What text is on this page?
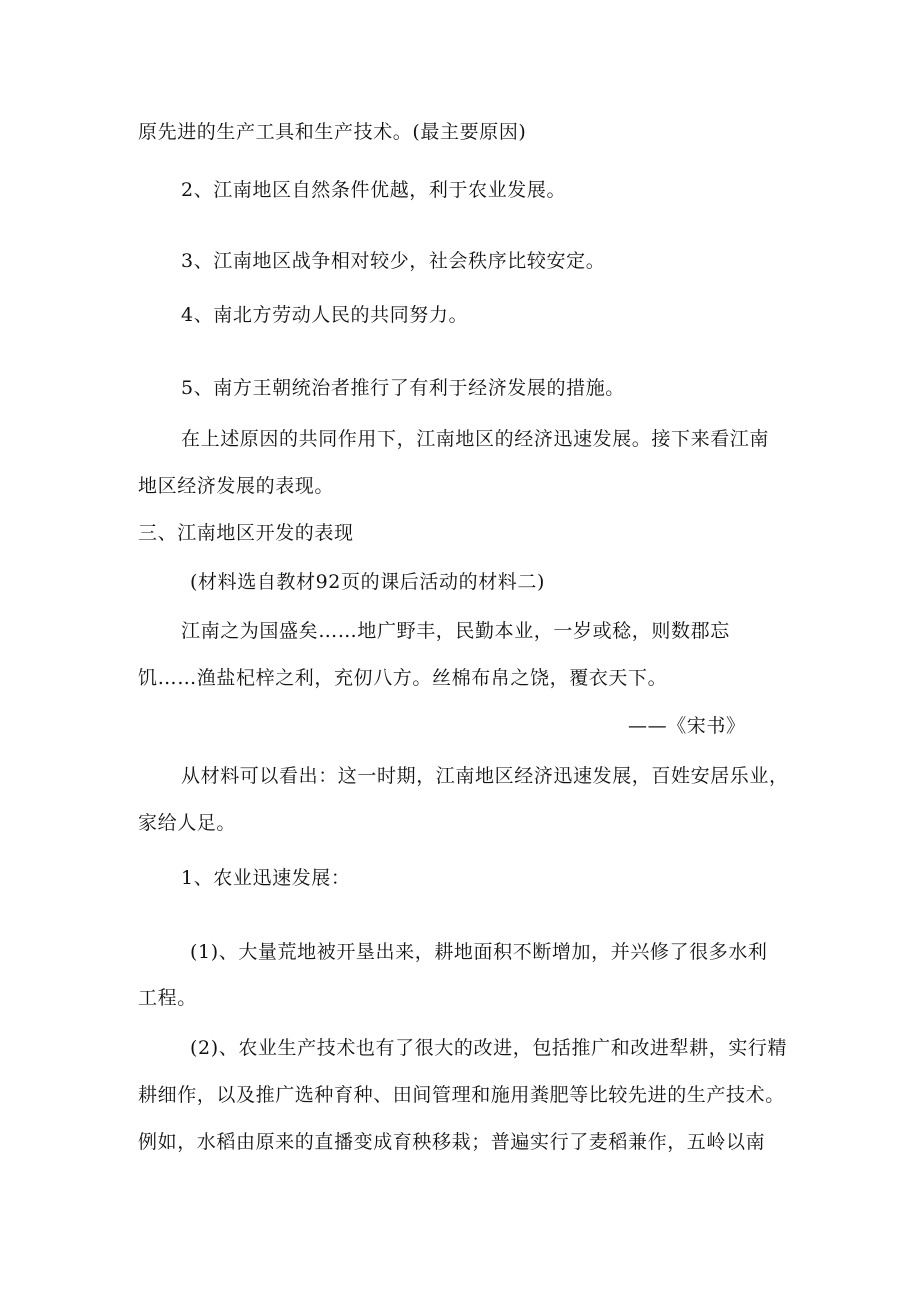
原先进的生产工具和生产技术。(最主要原因)
2、江南地区自然条件优越，利于农业发展。
3、江南地区战争相对较少，社会秩序比较安定。
4、南北方劳动人民的共同努力。
5、南方王朝统治者推行了有利于经济发展的措施。
在上述原因的共同作用下，江南地区的经济迅速发展。接下来看江南
地区经济发展的表现。
三、江南地区开发的表现
(材料选自教材92页的课后活动的材料二)
江南之为国盛矣……地广野丰，民勤本业，一岁或稔，则数郡忘
饥……渔盐杞梓之利，充仞八方。丝棉布帛之饶，覆衣天下。
——《宋书》
从材料可以看出：这一时期，江南地区经济迅速发展，百姓安居乐业，
家给人足。
1、农业迅速发展：
(1)、大量荒地被开垦出来，耕地面积不断增加，并兴修了很多水利
工程。
(2)、农业生产技术也有了很大的改进，包括推广和改进犁耕，实行精
耕细作，以及推广选种育种、田间管理和施用粪肥等比较先进的生产技术。
例如，水稻由原来的直播变成育秧移栽；普遍实行了麦稻兼作，五岭以南
